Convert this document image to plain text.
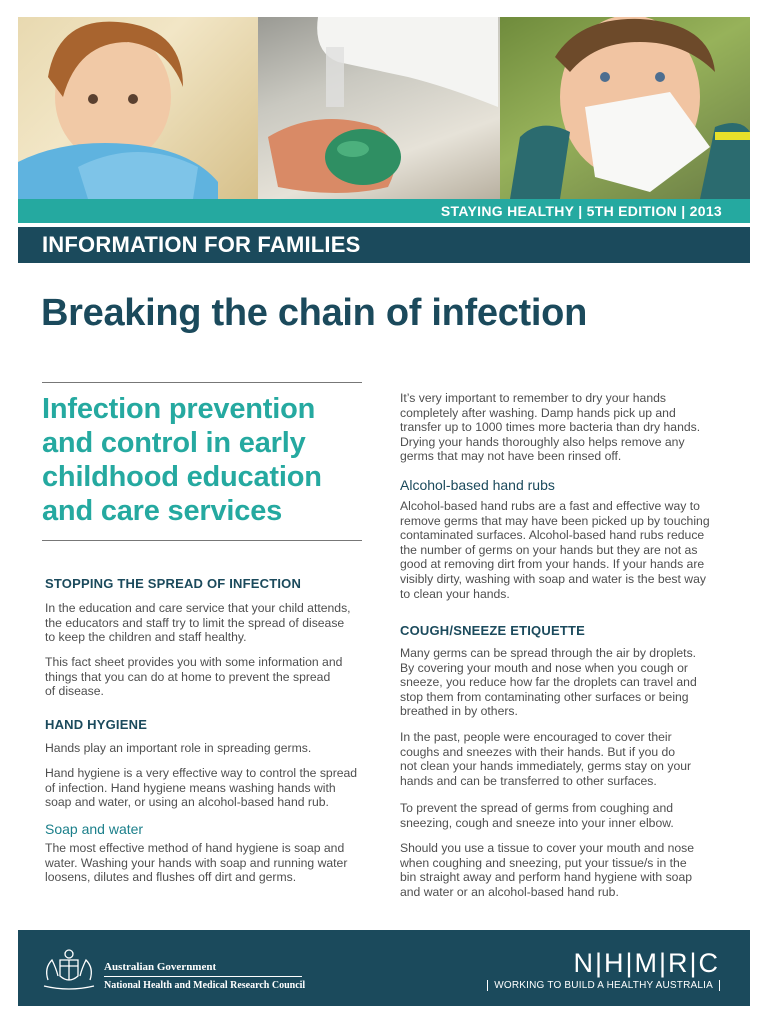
STAYING HEALTHY | 5TH EDITION | 2013
INFORMATION FOR FAMILIES
Breaking the chain of infection
Infection prevention
and control in early
childhood education
and care services
STOPPING THE SPREAD OF INFECTION
In the education and care service that your child attends,
the educators and staff try to limit the spread of disease
to keep the children and staff healthy.
This fact sheet provides you with some information and
things that you can do at home to prevent the spread
of disease.
HAND HYGIENE
Hands play an important role in spreading germs.
Hand hygiene is a very effective way to control the spread
of infection. Hand hygiene means washing hands with
soap and water, or using an alcohol-based hand rub.
Soap and water
The most effective method of hand hygiene is soap and
water. Washing your hands with soap and running water
loosens, dilutes and flushes off dirt and germs.
It’s very important to remember to dry your hands
completely after washing. Damp hands pick up and
transfer up to 1000 times more bacteria than dry hands.
Drying your hands thoroughly also helps remove any
germs that may not have been rinsed off.
Alcohol-based hand rubs
Alcohol-based hand rubs are a fast and effective way to
remove germs that may have been picked up by touching
contaminated surfaces. Alcohol-based hand rubs reduce
the number of germs on your hands but they are not as
good at removing dirt from your hands. If your hands are
visibly dirty, washing with soap and water is the best way
to clean your hands.
COUGH/SNEEZE ETIQUETTE
Many germs can be spread through the air by droplets.
By covering your mouth and nose when you cough or
sneeze, you reduce how far the droplets can travel and
stop them from contaminating other surfaces or being
breathed in by others.
In the past, people were encouraged to cover their
coughs and sneezes with their hands. But if you do
not clean your hands immediately, germs stay on your
hands and can be transferred to other surfaces.
To prevent the spread of germs from coughing and
sneezing, cough and sneeze into your inner elbow.
Should you use a tissue to cover your mouth and nose
when coughing and sneezing, put your tissue/s in the
bin straight away and perform hand hygiene with soap
and water or an alcohol-based hand rub.
Australian Government
National Health and Medical Research Council
N|H|M|R|C
WORKING TO BUILD A HEALTHY AUSTRALIA
